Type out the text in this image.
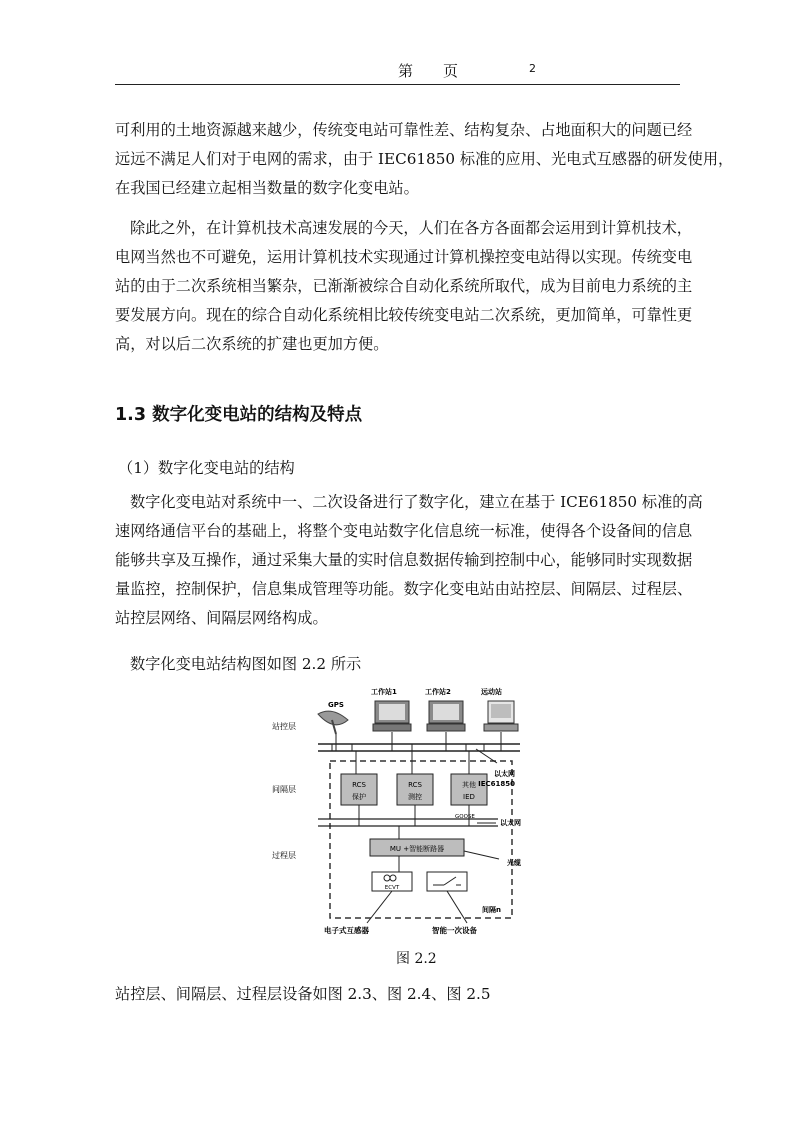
第 页	2
可利用的土地资源越来越少，传统变电站可靠性差、结构复杂、占地面积大的问题已经
远远不满足人们对于电网的需求，由于 IEC61850 标准的应用、光电式互感器的研发使用，
在我国已经建立起相当数量的数字化变电站。
除此之外，在计算机技术高速发展的今天，人们在各方各面都会运用到计算机技术，
电网当然也不可避免，运用计算机技术实现通过计算机操控变电站得以实现。传统变电
站的由于二次系统相当繁杂，已渐渐被综合自动化系统所取代，成为目前电力系统的主
要发展方向。现在的综合自动化系统相比较传统变电站二次系统，更加简单，可靠性更
高，对以后二次系统的扩建也更加方便。
1.3 数字化变电站的结构及特点
（1）数字化变电站的结构
数字化变电站对系统中一、二次设备进行了数字化，建立在基于 ICE61850 标准的高
速网络通信平台的基础上，将整个变电站数字化信息统一标准，使得各个设备间的信息
能够共享及互操作，通过采集大量的实时信息数据传输到控制中心，能够同时实现数据
量监控，控制保护，信息集成管理等功能。数字化变电站由站控层、间隔层、过程层、
站控层网络、间隔层网络构成。
数字化变电站结构图如图 2.2 所示
站控层
间隔层
过程层
GPS
工作站1	工作站2	远动站
RCS
保护
RCS
测控
其他
IED
GOOSE
MU +智能断路器
ECVT
以太网
IEC61850
以太网
光缆
间隔n
电子式互感器	智能一次设备
图 2.2
站控层、间隔层、过程层设备如图 2.3、图 2.4、图 2.5
